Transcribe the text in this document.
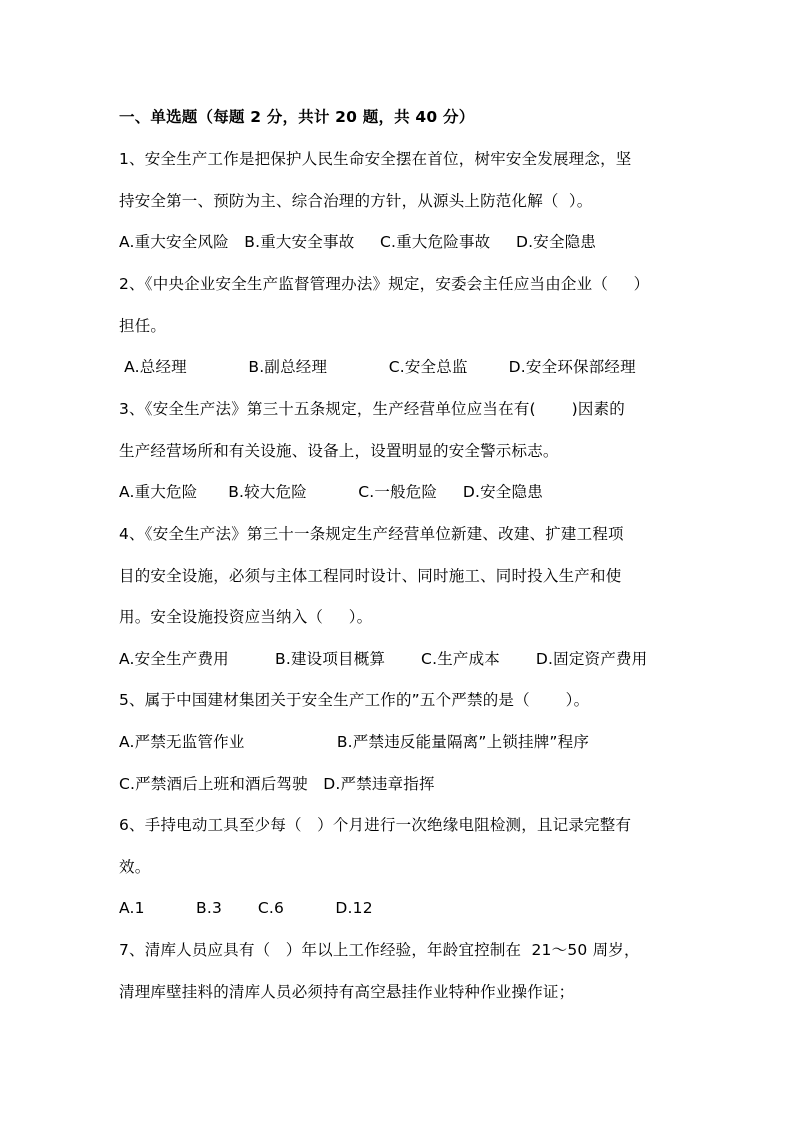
一、单选题（每题 2 分，共计 20 题，共 40 分）
1、安全生产工作是把保护人民生命安全摆在首位，树牢安全发展理念，坚
持安全第一、预防为主、综合治理的方针，从源头上防范化解（  ）。
A.重大安全风险   B.重大安全事故     C.重大危险事故     D.安全隐患
2、《中央企业安全生产监督管理办法》规定，安委会主任应当由企业（     ）
担任。
A.总经理            B.副总经理            C.安全总监        D.安全环保部经理
3、《安全生产法》第三十五条规定，生产经营单位应当在有(       )因素的
生产经营场所和有关设施、设备上，设置明显的安全警示标志。
A.重大危险      B.较大危险          C.一般危险     D.安全隐患
4、《安全生产法》第三十一条规定生产经营单位新建、改建、扩建工程项
目的安全设施，必须与主体工程同时设计、同时施工、同时投入生产和使
用。安全设施投资应当纳入（     ）。
A.安全生产费用         B.建设项目概算       C.生产成本       D.固定资产费用
5、属于中国建材集团关于安全生产工作的”五个严禁的是（       ）。
A.严禁无监管作业                  B.严禁违反能量隔离”上锁挂牌”程序
C.严禁酒后上班和酒后驾驶   D.严禁违章指挥
6、手持电动工具至少每（   ）个月进行一次绝缘电阻检测，且记录完整有
效。
A.1          B.3       C.6          D.12
7、清库人员应具有（   ）年以上工作经验，年龄宜控制在  21～50 周岁，
清理库壁挂料的清库人员必须持有高空悬挂作业特种作业操作证；
